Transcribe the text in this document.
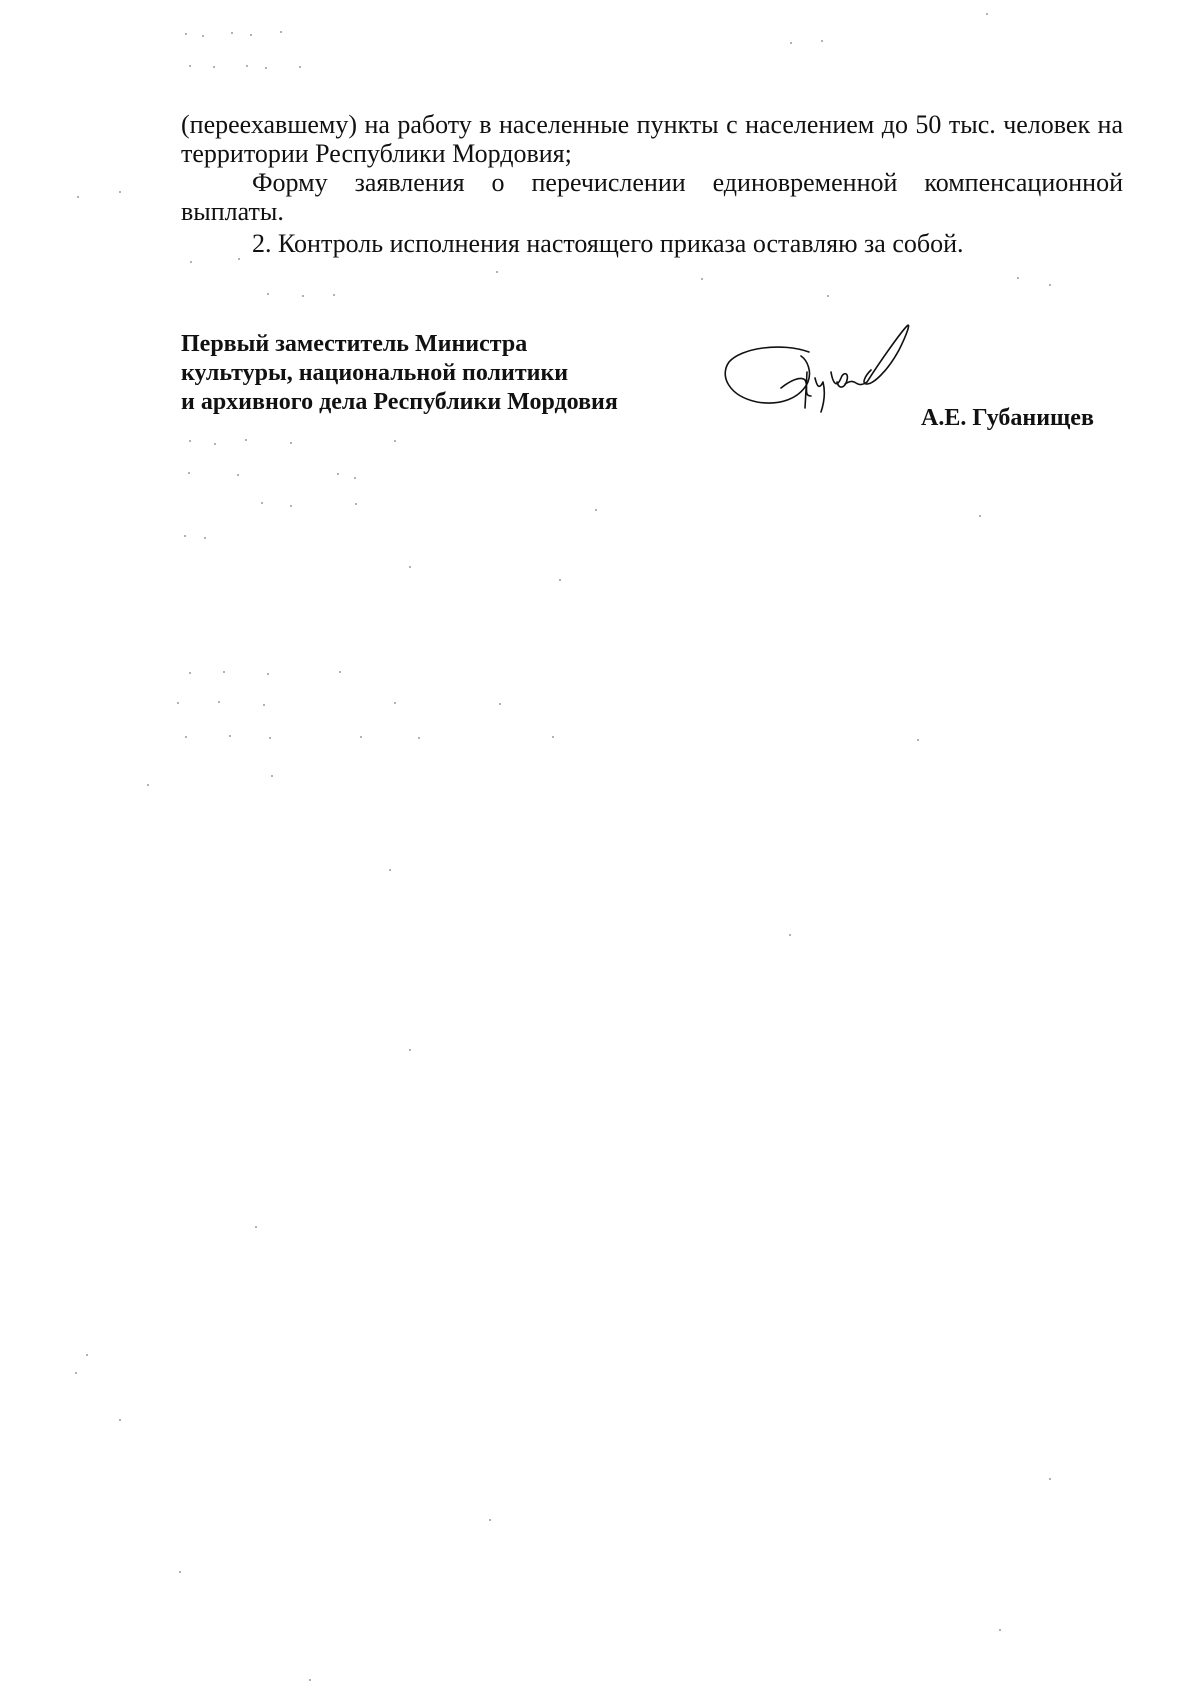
(переехавшему) на работу в населенные пункты с населением до 50 тыс. человек на территории Республики Мордовия;

Форму заявления о перечислении единовременной компенсационной выплаты.

2. Контроль исполнения настоящего приказа оставляю за собой.

Первый заместитель Министра
культуры, национальной политики
и архивного дела Республики Мордовия
А.Е. Губанищев
